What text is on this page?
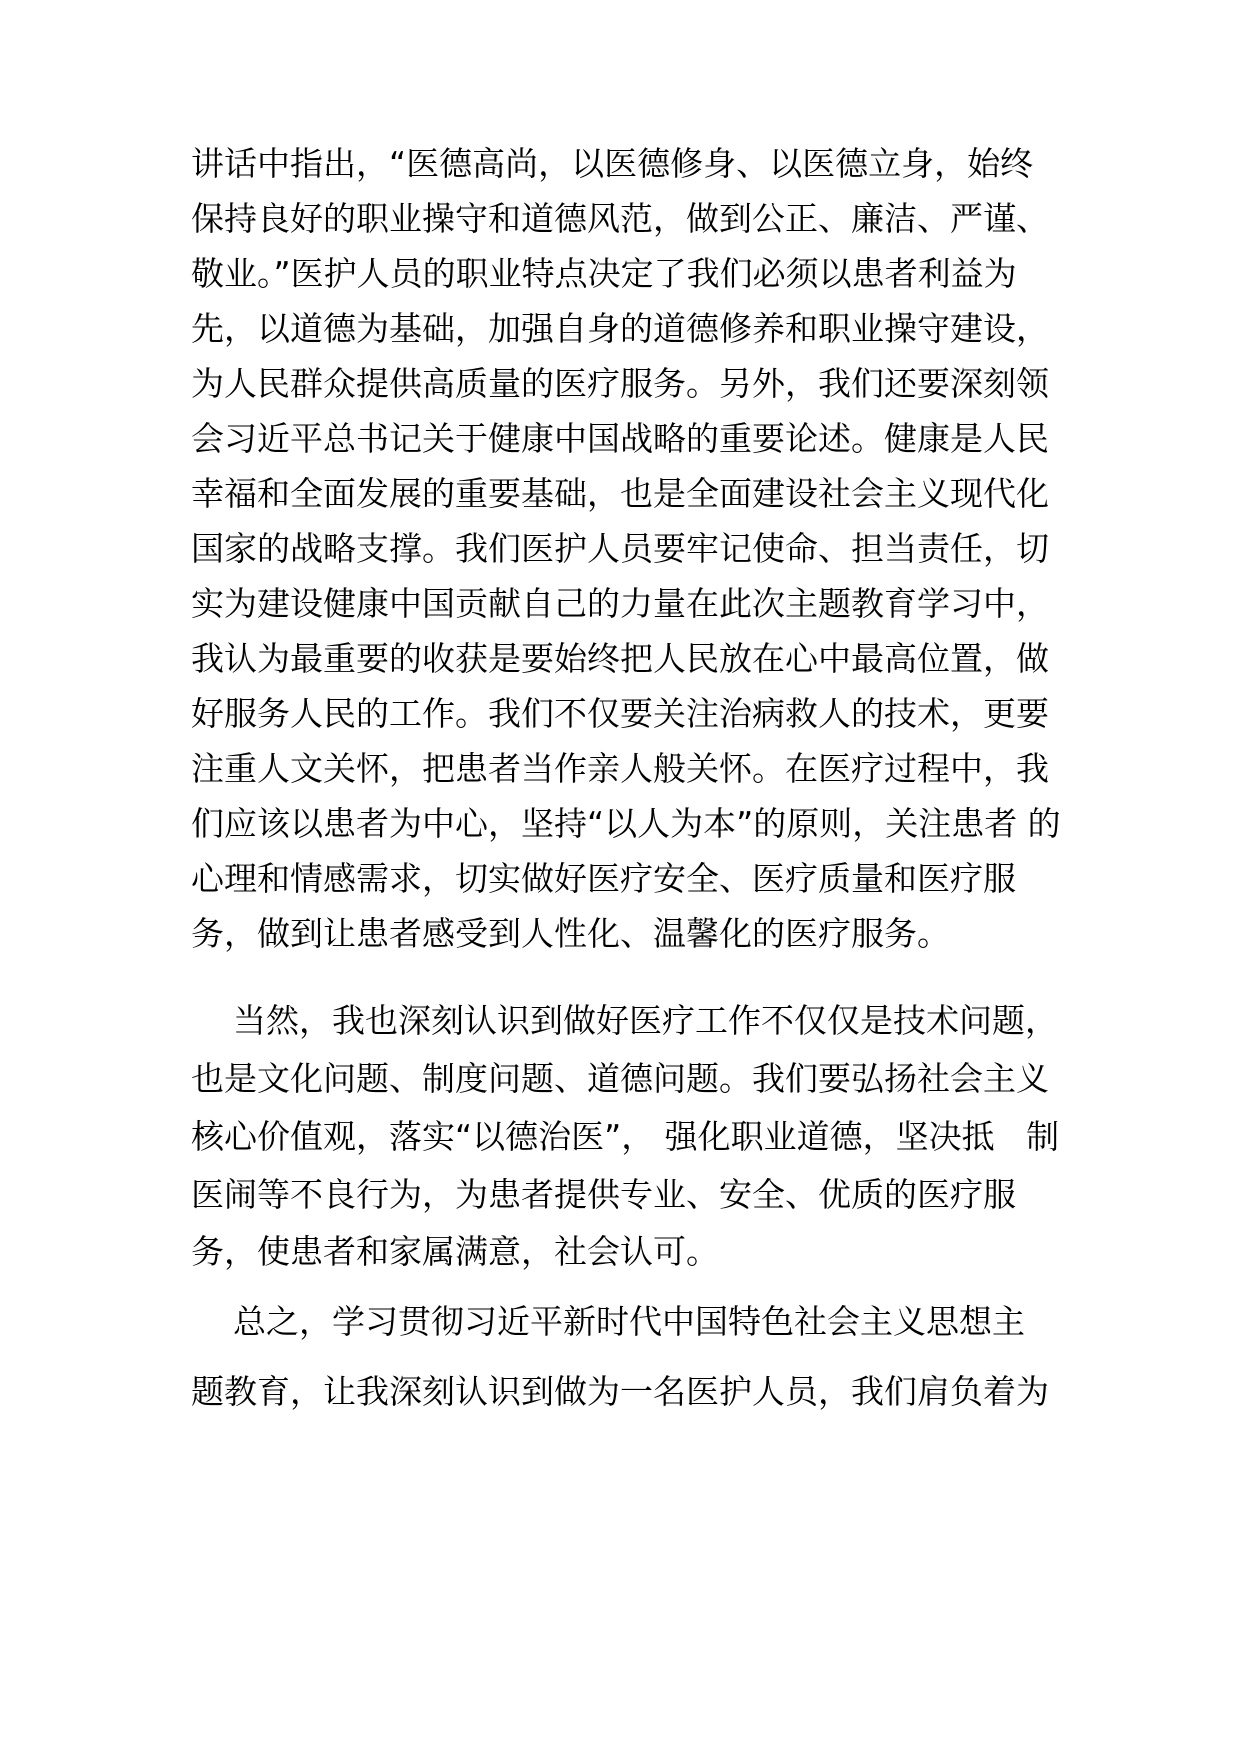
讲话中指出，“医德高尚，以医德修身、以医德立身，始终
保持良好的职业操守和道德风范，做到公正、廉洁、严谨、
敬业。”医护人员的职业特点决定了我们必须以患者利益为
先，以道德为基础，加强自身的道德修养和职业操守建设，
为人民群众提供高质量的医疗服务。另外，我们还要深刻领
会习近平总书记关于健康中国战略的重要论述。健康是人民
幸福和全面发展的重要基础，也是全面建设社会主义现代化
国家的战略支撑。我们医护人员要牢记使命、担当责任，切
实为建设健康中国贡献自己的力量在此次主题教育学习中，
我认为最重要的收获是要始终把人民放在心中最高位置，做
好服务人民的工作。我们不仅要关注治病救人的技术，更要
注重人文关怀，把患者当作亲人般关怀。在医疗过程中，我
们应该以患者为中心，坚持“以人为本”的原则，关注患者 的
心理和情感需求，切实做好医疗安全、医疗质量和医疗服
务，做到让患者感受到人性化、温馨化的医疗服务。
当然，我也深刻认识到做好医疗工作不仅仅是技术问题，
也是文化问题、制度问题、道德问题。我们要弘扬社会主义
核心价值观，落实“以德治医”， 强化职业道德，坚决抵   制
医闹等不良行为，为患者提供专业、安全、优质的医疗服
务，使患者和家属满意，社会认可。
总之，学习贯彻习近平新时代中国特色社会主义思想主
题教育，让我深刻认识到做为一名医护人员，我们肩负着为
